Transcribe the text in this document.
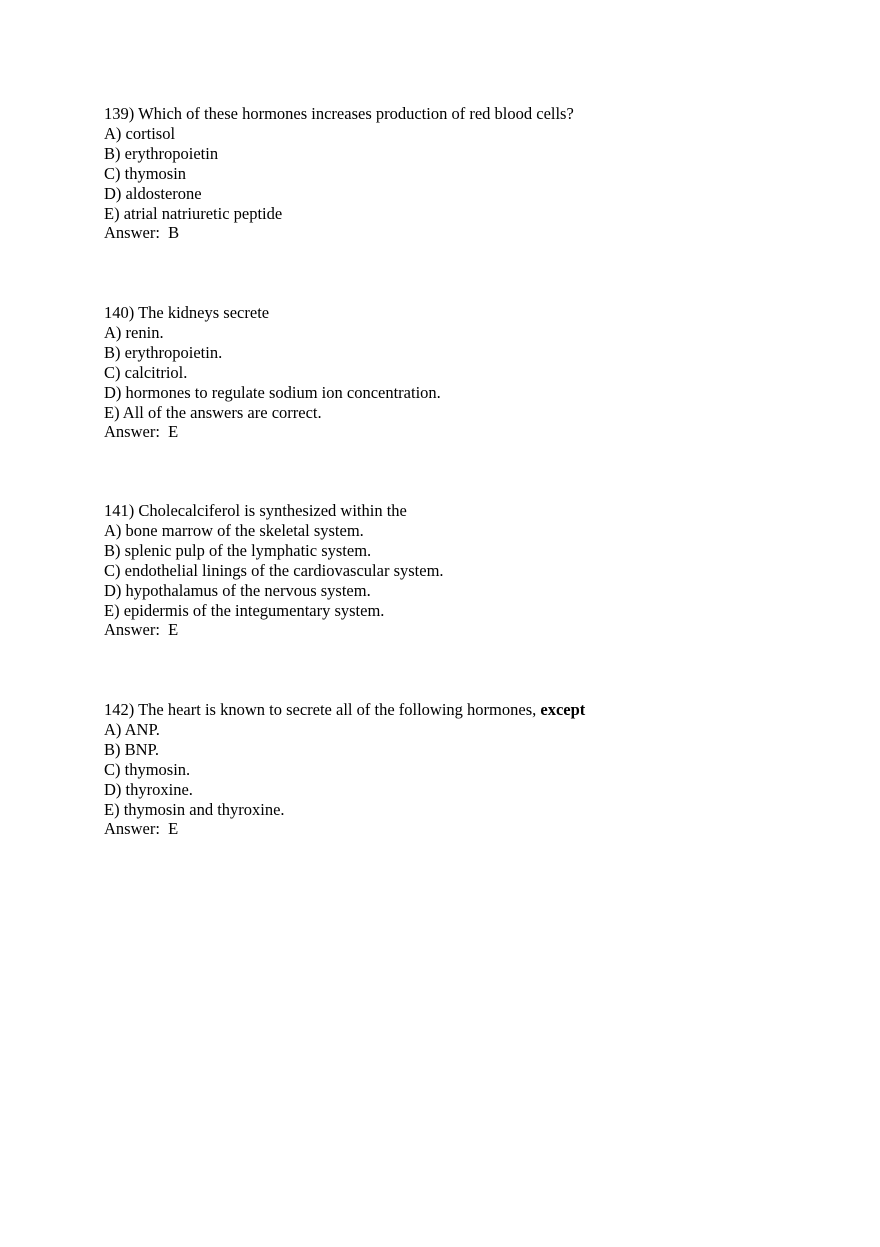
139) Which of these hormones increases production of red blood cells?
A) cortisol
B) erythropoietin
C) thymosin
D) aldosterone
E) atrial natriuretic peptide
Answer:  B
140) The kidneys secrete
A) renin.
B) erythropoietin.
C) calcitriol.
D) hormones to regulate sodium ion concentration.
E) All of the answers are correct.
Answer:  E
141) Cholecalciferol is synthesized within the
A) bone marrow of the skeletal system.
B) splenic pulp of the lymphatic system.
C) endothelial linings of the cardiovascular system.
D) hypothalamus of the nervous system.
E) epidermis of the integumentary system.
Answer:  E
142) The heart is known to secrete all of the following hormones, except
A) ANP.
B) BNP.
C) thymosin.
D) thyroxine.
E) thymosin and thyroxine.
Answer:  E
